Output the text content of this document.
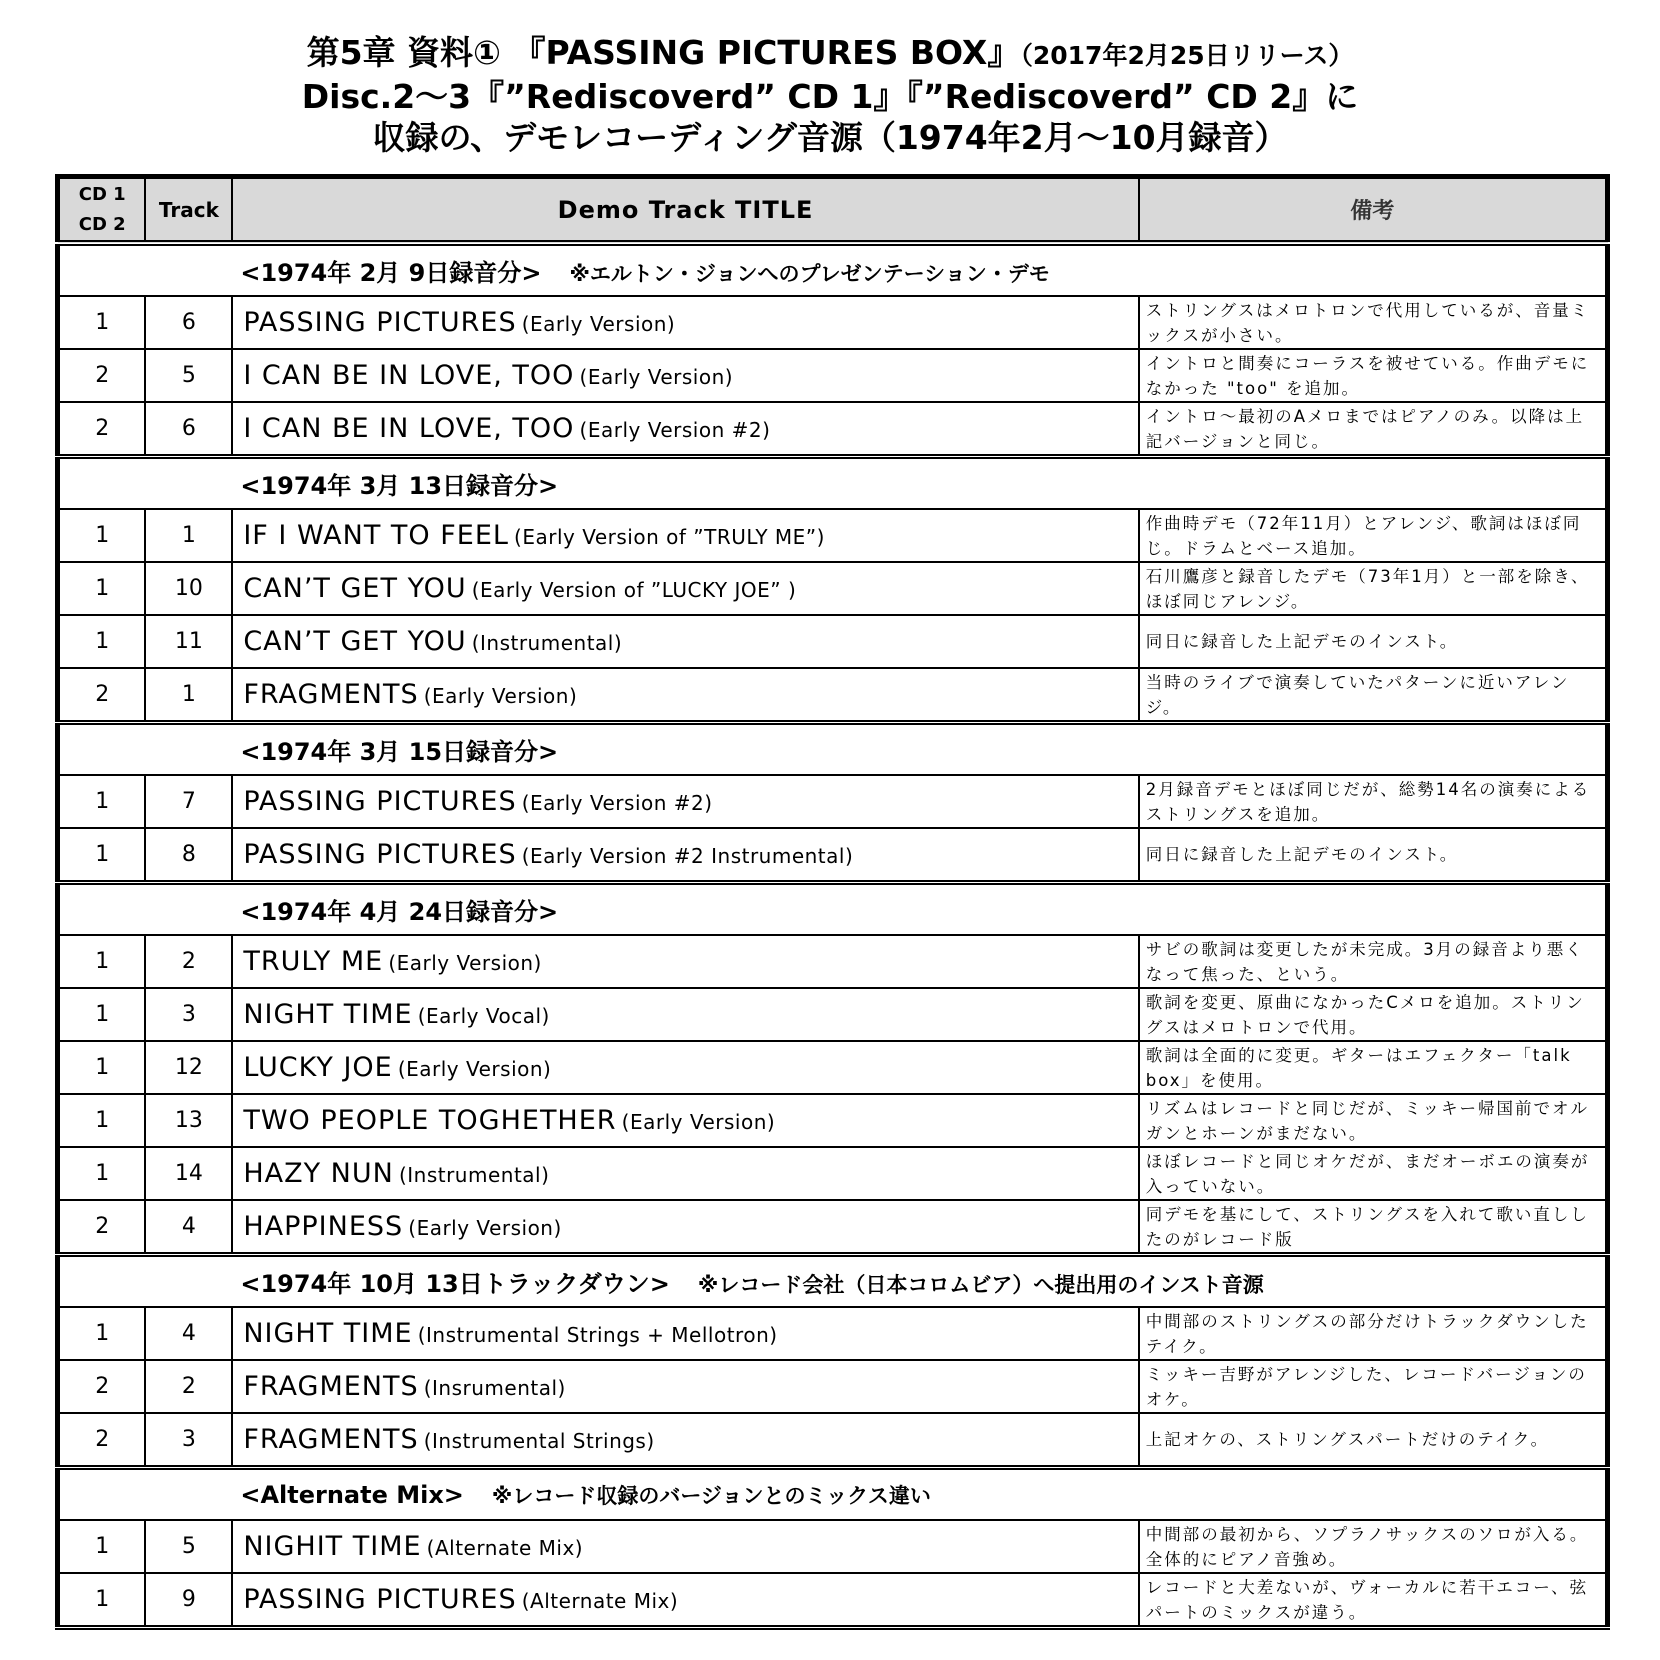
第5章 資料① 『PASSING PICTURES BOX』（2017年2月25日リリース）
Disc.2～3『”Rediscoverd” CD 1』『”Rediscoverd” CD 2』に
収録の、デモレコーディング音源（1974年2月～10月録音）
CD 1
CD 2	Track	Demo Track TITLE	備考
		<1974年 2月 9日録音分> ※エルトン・ジョンへのプレゼンテーション・デモ	
1	6	PASSING PICTURES (Early Version)	ストリングスはメロトロンで代用しているが、音量ミックスが小さい。
2	5	I CAN BE IN LOVE, TOO (Early Version)	イントロと間奏にコーラスを被せている。作曲デモになかった "too" を追加。
2	6	I CAN BE IN LOVE, TOO (Early Version #2)	イントロ～最初のAメロまではピアノのみ。以降は上記バージョンと同じ。
		<1974年 3月 13日録音分>	
1	1	IF I WANT TO FEEL (Early Version of ”TRULY ME”)	作曲時デモ（72年11月）とアレンジ、歌詞はほぼ同じ。ドラムとベース追加。
1	10	CAN’T GET YOU (Early Version of ”LUCKY JOE” )	石川鷹彦と録音したデモ（73年1月）と一部を除き、ほぼ同じアレンジ。
1	11	CAN’T GET YOU (Instrumental)	同日に録音した上記デモのインスト。
2	1	FRAGMENTS (Early Version)	当時のライブで演奏していたパターンに近いアレンジ。
		<1974年 3月 15日録音分>	
1	7	PASSING PICTURES (Early Version #2)	2月録音デモとほぼ同じだが、総勢14名の演奏によるストリングスを追加。
1	8	PASSING PICTURES (Early Version #2 Instrumental)	同日に録音した上記デモのインスト。
		<1974年 4月 24日録音分>	
1	2	TRULY ME (Early Version)	サビの歌詞は変更したが未完成。3月の録音より悪くなって焦った、という。
1	3	NIGHT TIME (Early Vocal)	歌詞を変更、原曲になかったCメロを追加。ストリングスはメロトロンで代用。
1	12	LUCKY JOE (Early Version)	歌詞は全面的に変更。ギターはエフェクター「talk box」を使用。
1	13	TWO PEOPLE TOGHETHER (Early Version)	リズムはレコードと同じだが、ミッキー帰国前でオルガンとホーンがまだない。
1	14	HAZY NUN (Instrumental)	ほぼレコードと同じオケだが、まだオーボエの演奏が入っていない。
2	4	HAPPINESS (Early Version)	同デモを基にして、ストリングスを入れて歌い直ししたのがレコード版
		<1974年 10月 13日トラックダウン> ※レコード会社（日本コロムビア）へ提出用のインスト音源	
1	4	NIGHT TIME (Instrumental Strings + Mellotron)	中間部のストリングスの部分だけトラックダウンしたテイク。
2	2	FRAGMENTS (Insrumental)	ミッキー吉野がアレンジした、レコードバージョンのオケ。
2	3	FRAGMENTS (Instrumental Strings)	上記オケの、ストリングスパートだけのテイク。
		<Alternate Mix> ※レコード収録のバージョンとのミックス違い	
1	5	NIGHIT TIME (Alternate Mix)	中間部の最初から、ソプラノサックスのソロが入る。全体的にピアノ音強め。
1	9	PASSING PICTURES (Alternate Mix)	レコードと大差ないが、ヴォーカルに若干エコー、弦パートのミックスが違う。
